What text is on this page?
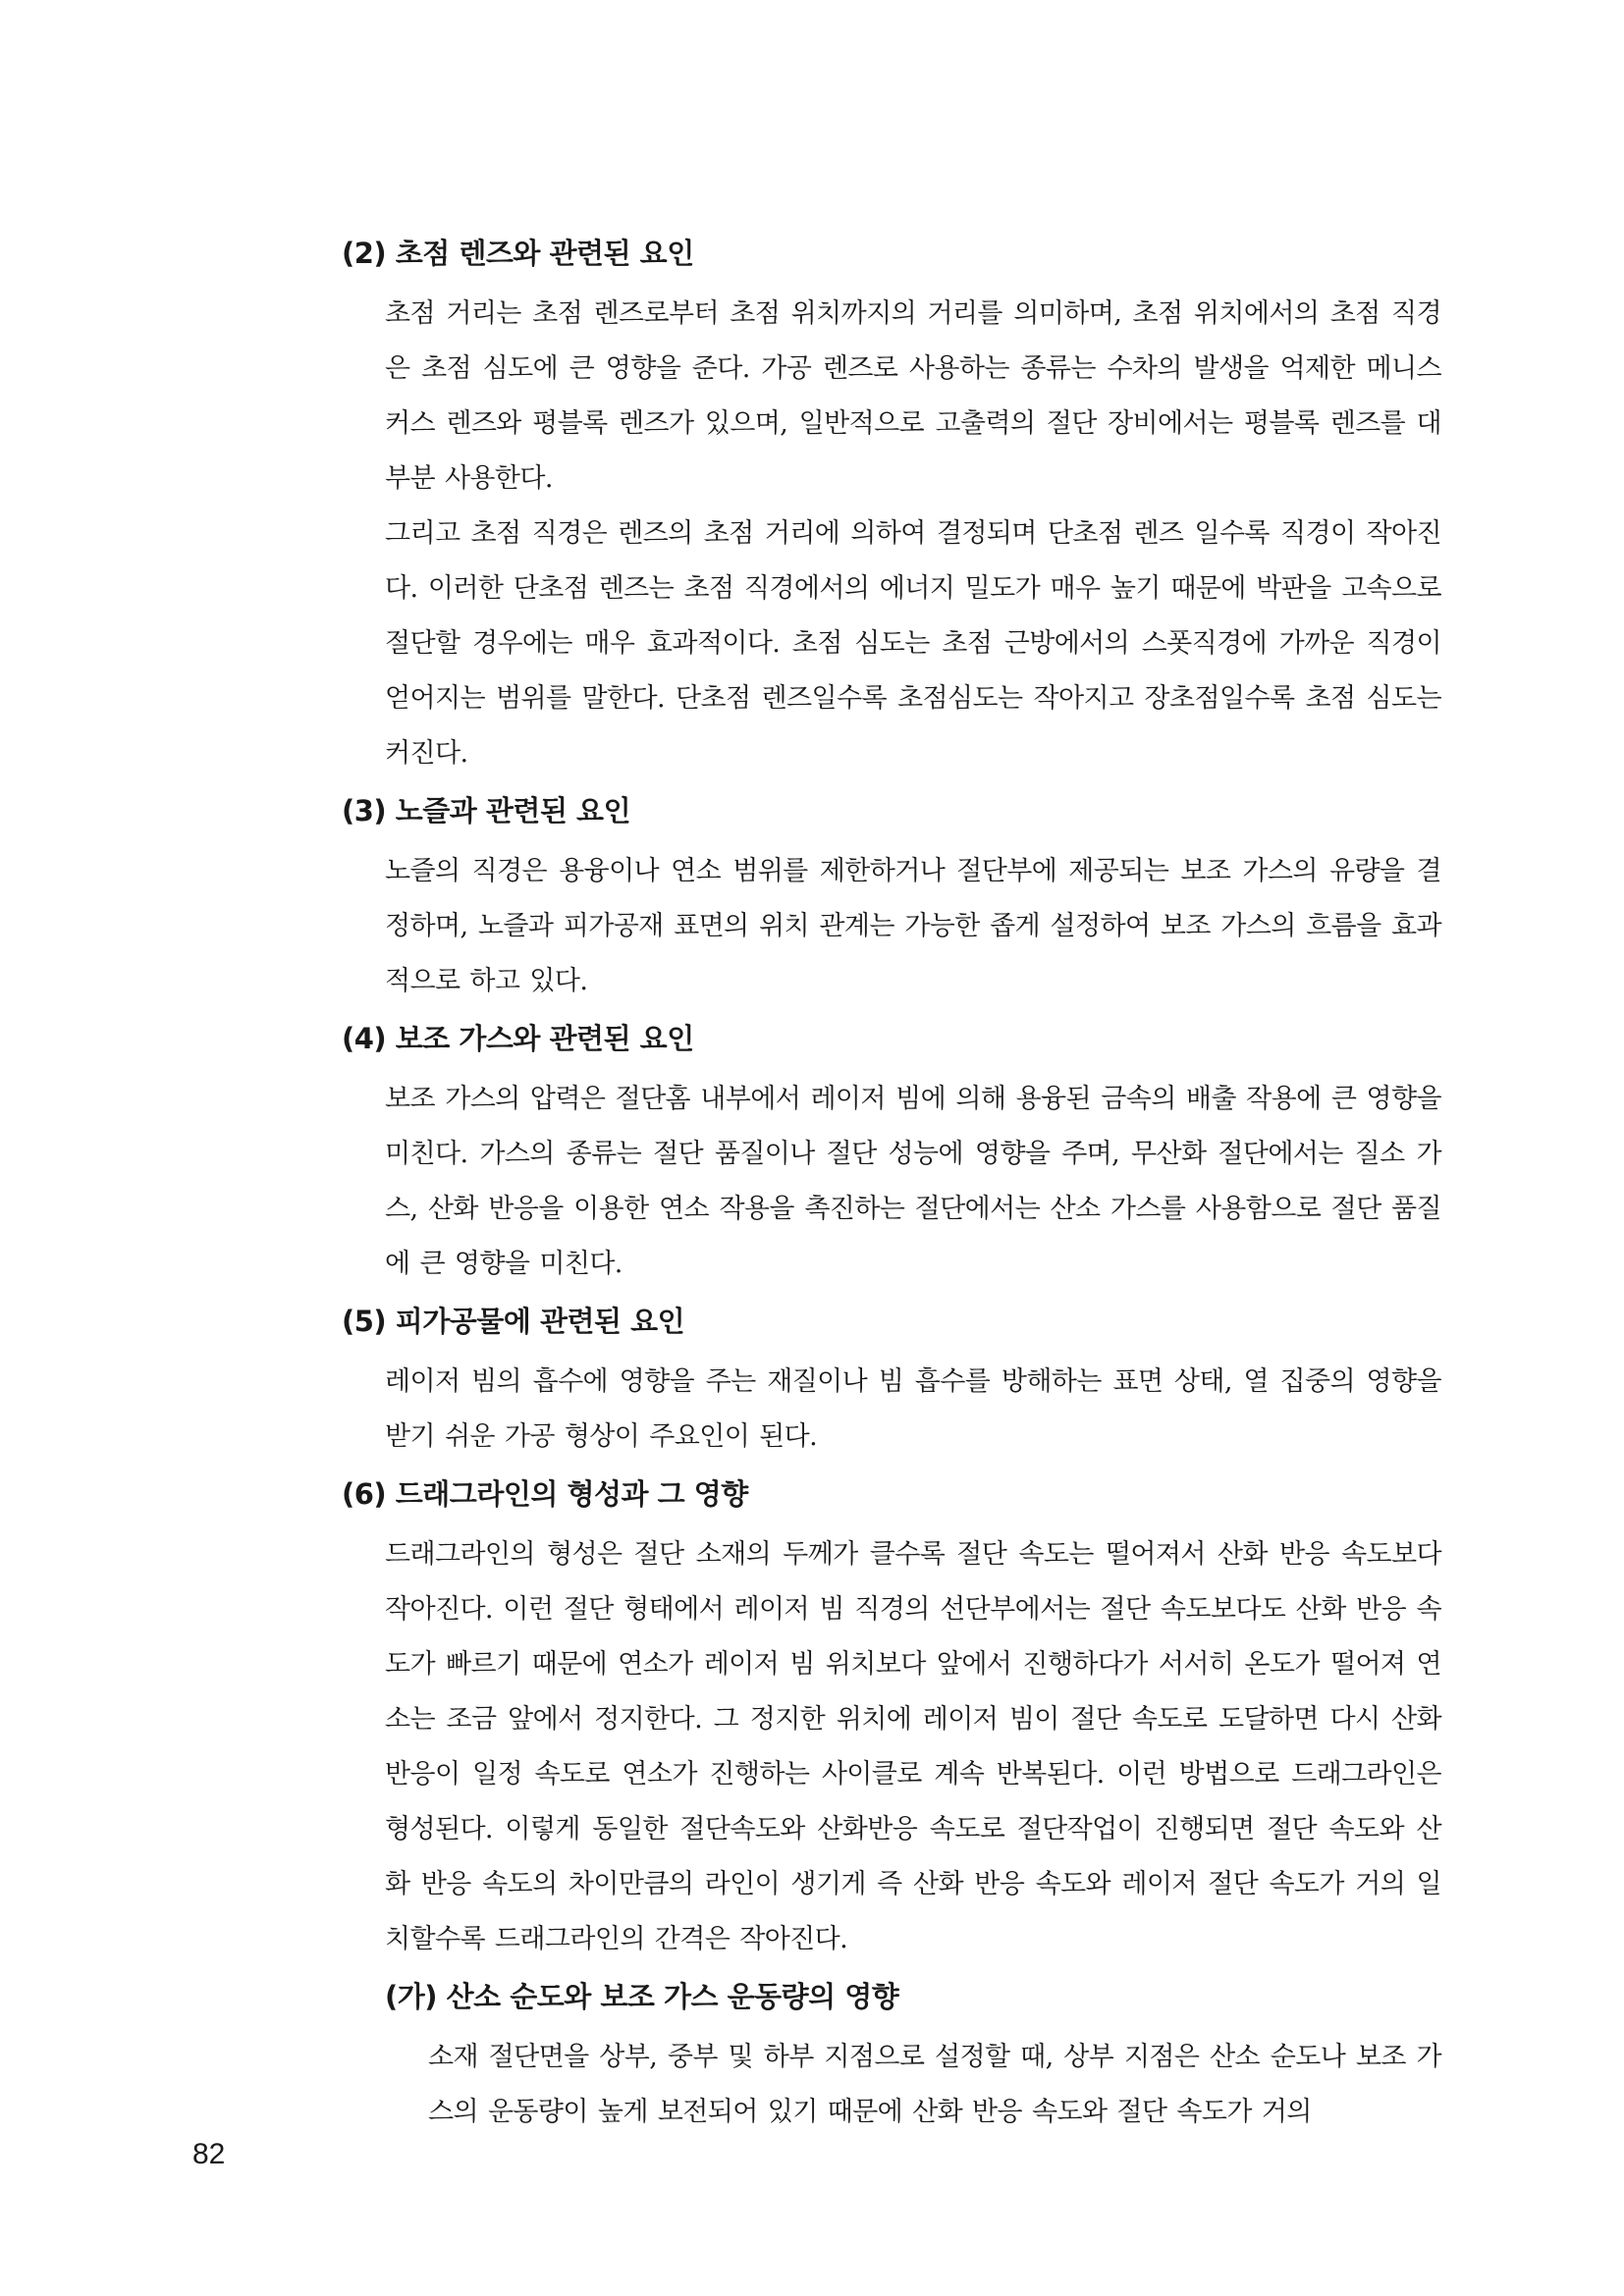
(2) 초점 렌즈와 관련된 요인

초점 거리는 초점 렌즈로부터 초점 위치까지의 거리를 의미하며, 초점 위치에서의 초점 직경은 초점 심도에 큰 영향을 준다. 가공 렌즈로 사용하는 종류는 수차의 발생을 억제한 메니스커스 렌즈와 평블록 렌즈가 있으며, 일반적으로 고출력의 절단 장비에서는 평블록 렌즈를 대부분 사용한다.

그리고 초점 직경은 렌즈의 초점 거리에 의하여 결정되며 단초점 렌즈 일수록 직경이 작아진다. 이러한 단초점 렌즈는 초점 직경에서의 에너지 밀도가 매우 높기 때문에 박판을 고속으로 절단할 경우에는 매우 효과적이다. 초점 심도는 초점 근방에서의 스폿직경에 가까운 직경이 얻어지는 범위를 말한다. 단초점 렌즈일수록 초점심도는 작아지고 장초점일수록 초점 심도는 커진다.

(3) 노즐과 관련된 요인

노즐의 직경은 용융이나 연소 범위를 제한하거나 절단부에 제공되는 보조 가스의 유량을 결정하며, 노즐과 피가공재 표면의 위치 관계는 가능한 좁게 설정하여 보조 가스의 흐름을 효과적으로 하고 있다.

(4) 보조 가스와 관련된 요인

보조 가스의 압력은 절단홈 내부에서 레이저 빔에 의해 용융된 금속의 배출 작용에 큰 영향을 미친다. 가스의 종류는 절단 품질이나 절단 성능에 영향을 주며, 무산화 절단에서는 질소 가스, 산화 반응을 이용한 연소 작용을 촉진하는 절단에서는 산소 가스를 사용함으로 절단 품질에 큰 영향을 미친다.

(5) 피가공물에 관련된 요인

레이저 빔의 흡수에 영향을 주는 재질이나 빔 흡수를 방해하는 표면 상태, 열 집중의 영향을 받기 쉬운 가공 형상이 주요인이 된다.

(6) 드래그라인의 형성과 그 영향

드래그라인의 형성은 절단 소재의 두께가 클수록 절단 속도는 떨어져서 산화 반응 속도보다 작아진다. 이런 절단 형태에서 레이저 빔 직경의 선단부에서는 절단 속도보다도 산화 반응 속도가 빠르기 때문에 연소가 레이저 빔 위치보다 앞에서 진행하다가 서서히 온도가 떨어져 연소는 조금 앞에서 정지한다. 그 정지한 위치에 레이저 빔이 절단 속도로 도달하면 다시 산화 반응이 일정 속도로 연소가 진행하는 사이클로 계속 반복된다. 이런 방법으로 드래그라인은 형성된다. 이렇게 동일한 절단속도와 산화반응 속도로 절단작업이 진행되면 절단 속도와 산화 반응 속도의 차이만큼의 라인이 생기게 즉 산화 반응 속도와 레이저 절단 속도가 거의 일치할수록 드래그라인의 간격은 작아진다.

(가) 산소 순도와 보조 가스 운동량의 영향

소재 절단면을 상부, 중부 및 하부 지점으로 설정할 때, 상부 지점은 산소 순도나 보조 가스의 운동량이 높게 보전되어 있기 때문에 산화 반응 속도와 절단 속도가 거의

82
